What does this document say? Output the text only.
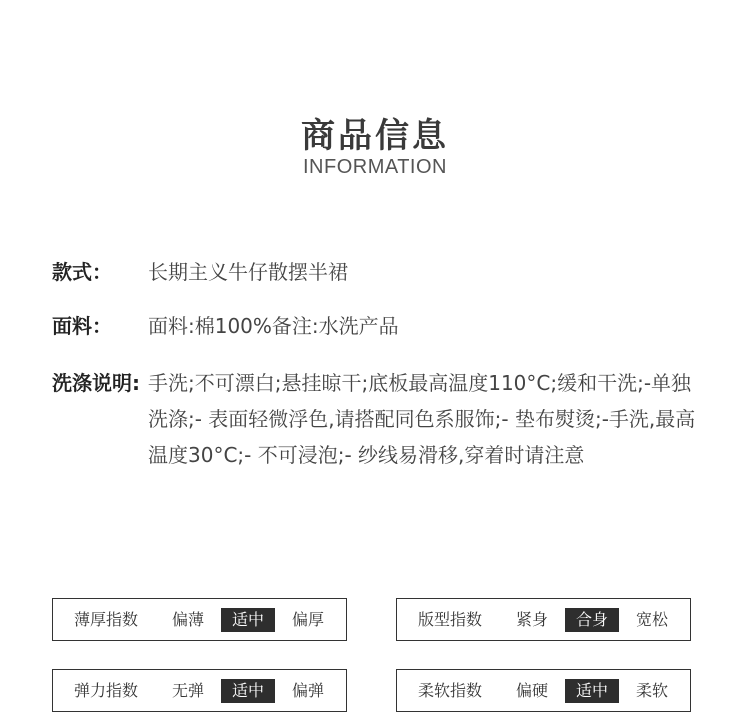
商品信息
INFORMATION
款式：	长期主义牛仔散摆半裙
面料：	面料:棉100%备注:水洗产品
洗涤说明: 手洗;不可漂白;悬挂晾干;底板最高温度110°C;缓和干洗;-单独洗涤;- 表面轻微浮色,请搭配同色系服饰;- 垫布熨烫;-手洗,最高温度30°C;- 不可浸泡;- 纱线易滑移,穿着时请注意
薄厚指数	偏薄	适中	偏厚	版型指数	紧身	合身	宽松
弹力指数	无弹	适中	偏弹	柔软指数	偏硬	适中	柔软
